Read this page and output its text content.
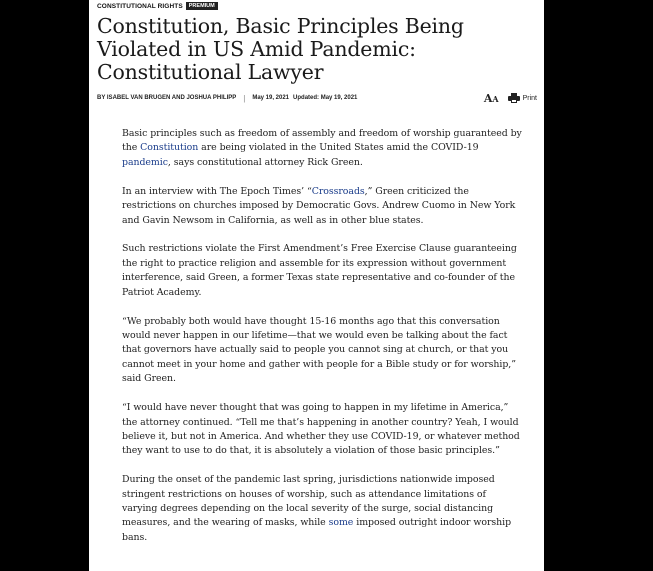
CONSTITUTIONAL RIGHTS	PREMIUM
Constitution, Basic Principles Being
Violated in US Amid Pandemic:
Constitutional Lawyer
BY ISABEL VAN BRUGEN AND JOSHUA PHILIPP | May 19, 2021 Updated: May 19, 2021	AA	Print

Basic principles such as freedom of assembly and freedom of worship guaranteed by the Constitution are being violated in the United States amid the COVID-19 pandemic, says constitutional attorney Rick Green.

In an interview with The Epoch Times’ “Crossroads,” Green criticized the restrictions on churches imposed by Democratic Govs. Andrew Cuomo in New York and Gavin Newsom in California, as well as in other blue states.

Such restrictions violate the First Amendment’s Free Exercise Clause guaranteeing the right to practice religion and assemble for its expression without government interference, said Green, a former Texas state representative and co-founder of the Patriot Academy.

“We probably both would have thought 15-16 months ago that this conversation would never happen in our lifetime—that we would even be talking about the fact that governors have actually said to people you cannot sing at church, or that you cannot meet in your home and gather with people for a Bible study or for worship,” said Green.

“I would have never thought that was going to happen in my lifetime in America,” the attorney continued. “Tell me that’s happening in another country? Yeah, I would believe it, but not in America. And whether they use COVID-19, or whatever method they want to use to do that, it is absolutely a violation of those basic principles.”

During the onset of the pandemic last spring, jurisdictions nationwide imposed stringent restrictions on houses of worship, such as attendance limitations of varying degrees depending on the local severity of the surge, social distancing measures, and the wearing of masks, while some imposed outright indoor worship bans.
